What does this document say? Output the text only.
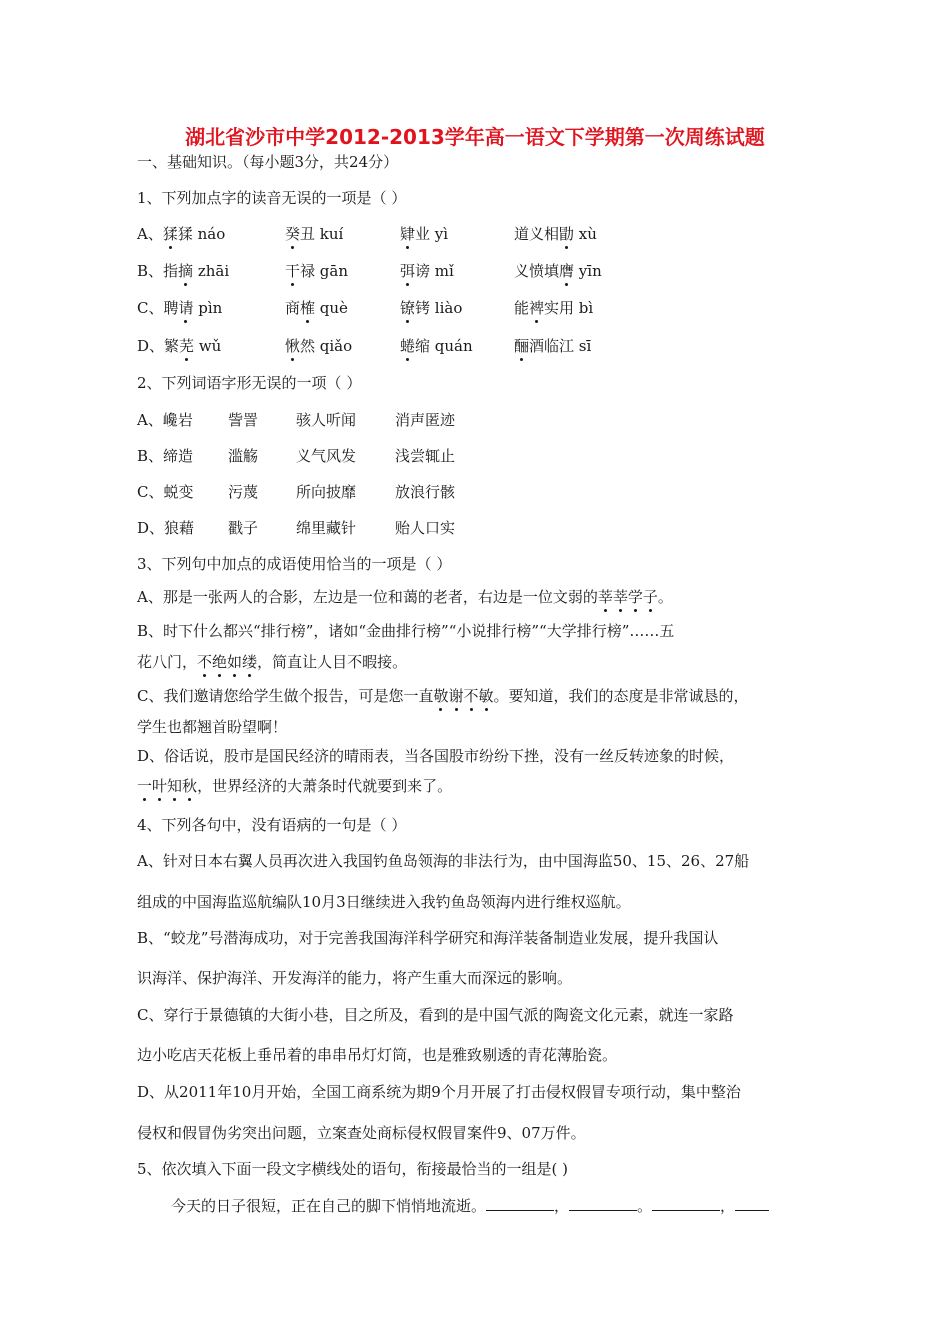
湖北省沙市中学2012-2013学年高一语文下学期第一次周练试题
一、基础知识。（每小题3分，共24分）
1、下列加点字的读音无误的一项是（ ）
A、猱猱 náo	癸丑 kuí	肄业 yì	道义相勖 xù
B、指摘 zhāi	干禄 gān	弭谤 mǐ	义愤填膺 yīn
C、聘请 pìn	商榷 què	镣铐 liào	能裨实用 bì
D、繁芜 wǔ	愀然 qiǎo	蜷缩 quán	酾酒临江 sī
2、下列词语字形无误的一项（ ）
A、巉岩 訾詈	骇人听闻	消声匿迹
B、缔造 滥觞	义气风发	浅尝辄止
C、蜕变 污蔑	所向披靡	放浪行骸
D、狼藉 戳子	绵里藏针	贻人口实
3、下列句中加点的成语使用恰当的一项是（ ）
A、那是一张两人的合影，左边是一位和蔼的老者，右边是一位文弱的莘莘学子。
B、时下什么都兴“排行榜”，诸如“金曲排行榜”“小说排行榜”“大学排行榜”……五
花八门，不绝如缕，简直让人目不暇接。
C、我们邀请您给学生做个报告，可是您一直敬谢不敏。要知道，我们的态度是非常诚恳的，
学生也都翘首盼望啊！
D、俗话说，股市是国民经济的晴雨表，当各国股市纷纷下挫，没有一丝反转迹象的时候，
一叶知秋，世界经济的大萧条时代就要到来了。
4、下列各句中，没有语病的一句是（ ）
A、针对日本右翼人员再次进入我国钓鱼岛领海的非法行为，由中国海监50、15、26、27船
组成的中国海监巡航编队10月3日继续进入我钓鱼岛领海内进行维权巡航。
B、“蛟龙”号潜海成功，对于完善我国海洋科学研究和海洋装备制造业发展，提升我国认
识海洋、保护海洋、开发海洋的能力，将产生重大而深远的影响。
C、穿行于景德镇的大街小巷，目之所及，看到的是中国气派的陶瓷文化元素，就连一家路
边小吃店天花板上垂吊着的串串吊灯灯筒，也是雅致剔透的青花薄胎瓷。
D、从2011年10月开始，全国工商系统为期9个月开展了打击侵权假冒专项行动，集中整治
侵权和假冒伪劣突出问题，立案查处商标侵权假冒案件9、07万件。
5、依次填入下面一段文字横线处的语句，衔接最恰当的一组是( )
今天的日子很短，正在自己的脚下悄悄地流逝。	，	。	，
